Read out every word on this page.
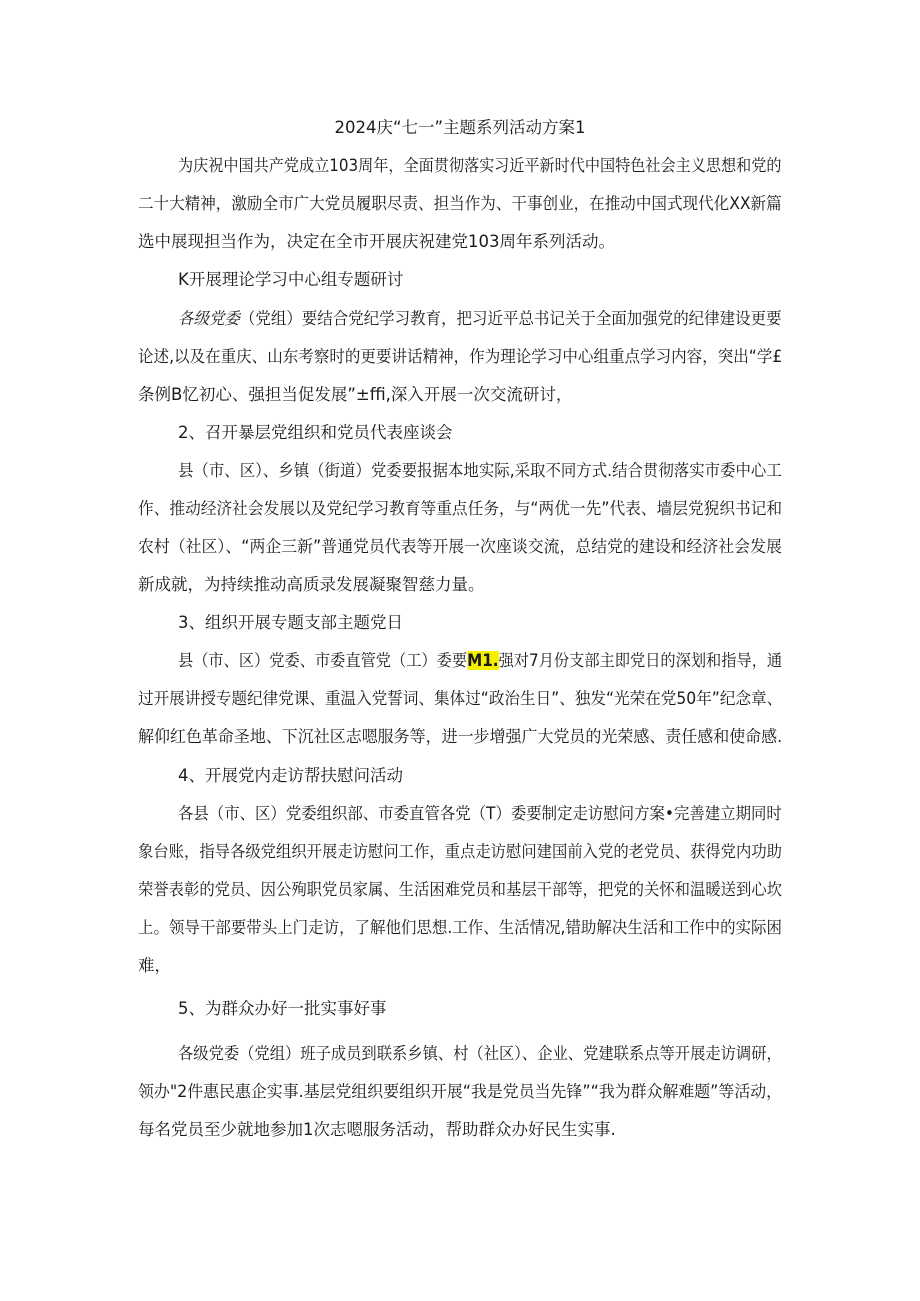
2024庆“七一”主题系列活动方案1
为庆祝中国共产党成立103周年，全面贯彻落实习近平新时代中国特色社会主义思想和党的
二十大精神，激励全市广大党员履职尽责、担当作为、干事创业，在推动中国式现代化XX新篇
选中展现担当作为，决定在全市开展庆祝建党103周年系列活动。
K开展理论学习中心组专题研讨
各级党委（党组）要结合党纪学习教育，把习近平总书记关于全面加强党的纪律建设更要
论述,以及在重庆、山东考察时的更要讲话精神，作为理论学习中心组重点学习内容，突出“学£
条例B忆初心、强担当促发展”±ffi,深入开展一次交流研讨，
2、召开暴层党组织和党员代表座谈会
县（市、区）、乡镇（街道）党委要报据本地实际,采取不同方式.结合贯彻落实市委中心工
作、推动经济社会发展以及党纪学习教育等重点任务，与“两优一先”代表、墙层党猊织书记和
农村（社区）、“两企三新”普通党员代表等开展一次座谈交流，总结党的建设和经济社会发展
新成就，为持续推动高质录发展凝聚智慈力量。
3、组织开展专题支部主题党日
县（市、区）党委、市委直管党（工）委要M1.强对7月份支部主即党日的深划和指导，通
过开展讲授专题纪律党课、重温入党誓词、集体过“政治生日”、独发“光荣在党50年”纪念章、
解仰红色革命圣地、下沉社区志嗯服务等，进一步增强广大党员的光荣感、责任感和使命感.
4、开展党内走访帮扶慰问活动
各县（市、区）党委组织部、市委直管各党（T）委要制定走访慰问方案•完善建立期同时
象台账，指导各级党组织开展走访慰问工作，重点走访慰问建国前入党的老党员、获得党内功助
荣誉表彰的党员、因公殉职党员家属、生活困难党员和基层干部等，把党的关怀和温暖送到心坎
上。领导干部要带头上门走访，了解他们思想.工作、生活情况,错助解决生活和工作中的实际困
难，
5、为群众办好一批实事好事
各级党委（党组）班子成员到联系乡镇、村（社区）、企业、党建联系点等开展走访调研，
领办"2件惠民惠企实事.基层党组织要组织开展“我是党员当先锋”“我为群众解难题”等活动，
每名党员至少就地参加1次志嗯服务活动，帮助群众办好民生实事.
